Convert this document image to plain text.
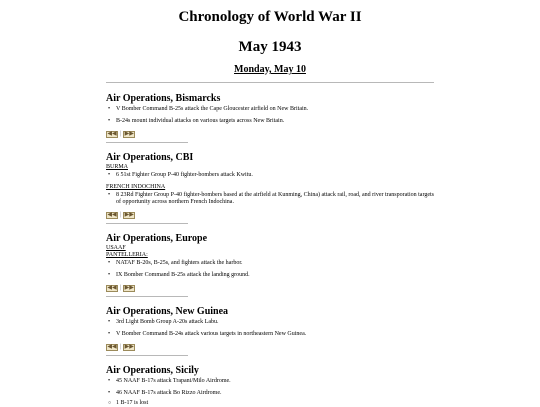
Chronology of World War II
May 1943
Monday, May 10
Air Operations, Bismarcks
• V Bomber Command B-25s attack the Cape Gloucester airfield on New Britain.
• B-24s mount individual attacks on various targets across New Britain.
◀◀ | ▶▶
Air Operations, CBI
BURMA
• 6 51st Fighter Group P-40 fighter-bombers attack Kwitu.
FRENCH INDOCHINA
• 8 23Rd Fighter Group P-40 fighter-bombers based at the airfield at Kunming, China) attack rail, road, and river transporation targets of opportunity across northern French Indochina.
◀◀ | ▶▶
Air Operations, Europe
USAAF
PANTELLERIA:
• NATAF B-20s, B-25s, and fighters attack the harbor.
• IX Bomber Command B-25s attack the landing ground.
◀◀ | ▶▶
Air Operations, New Guinea
• 3rd Light Bomb Group A-20s attack Labu.
• V Bomber Command B-24s attack various targets in northeastern New Guinea.
◀◀ | ▶▶
Air Operations, Sicily
• 45 NAAF B-17s attack Trapani/Milo Airdrome.
• 46 NAAF B-17s attack Bo Rizzo Airdrome.
○ 1 B-17 is lost
